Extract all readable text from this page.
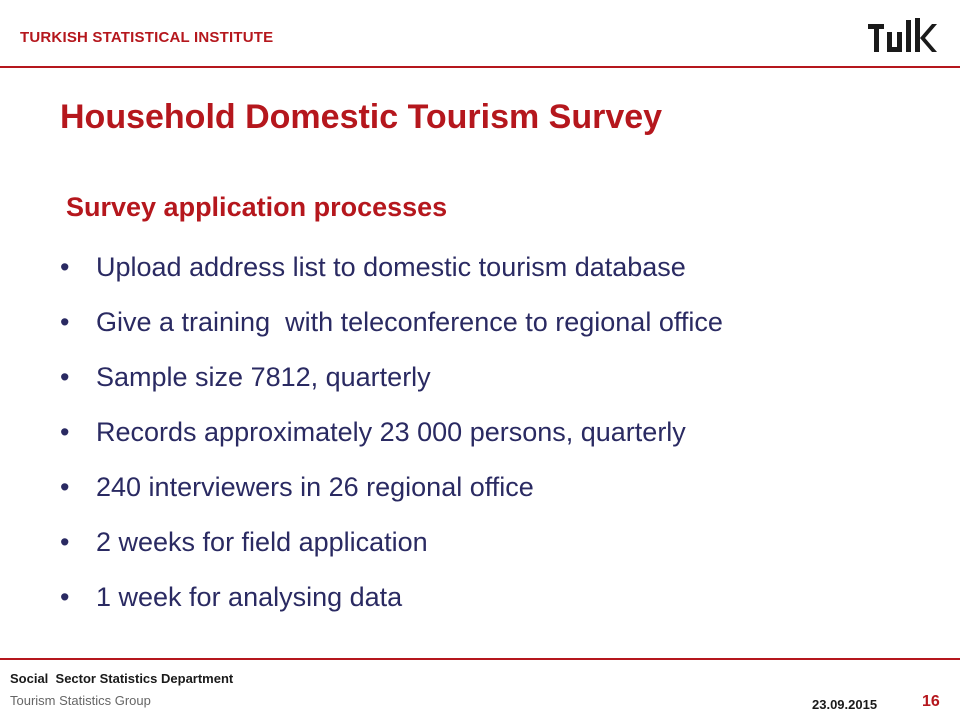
TURKISH STATISTICAL INSTITUTE
Household Domestic Tourism Survey
Survey application processes
• Upload address list to domestic tourism database
• Give a training  with teleconference to regional office
• Sample size 7812, quarterly
• Records approximately 23 000 persons, quarterly
• 240 interviewers in 26 regional office
• 2 weeks for field application
• 1 week for analysing data
Social  Sector Statistics Department
Tourism Statistics Group	23.09.2015	16
